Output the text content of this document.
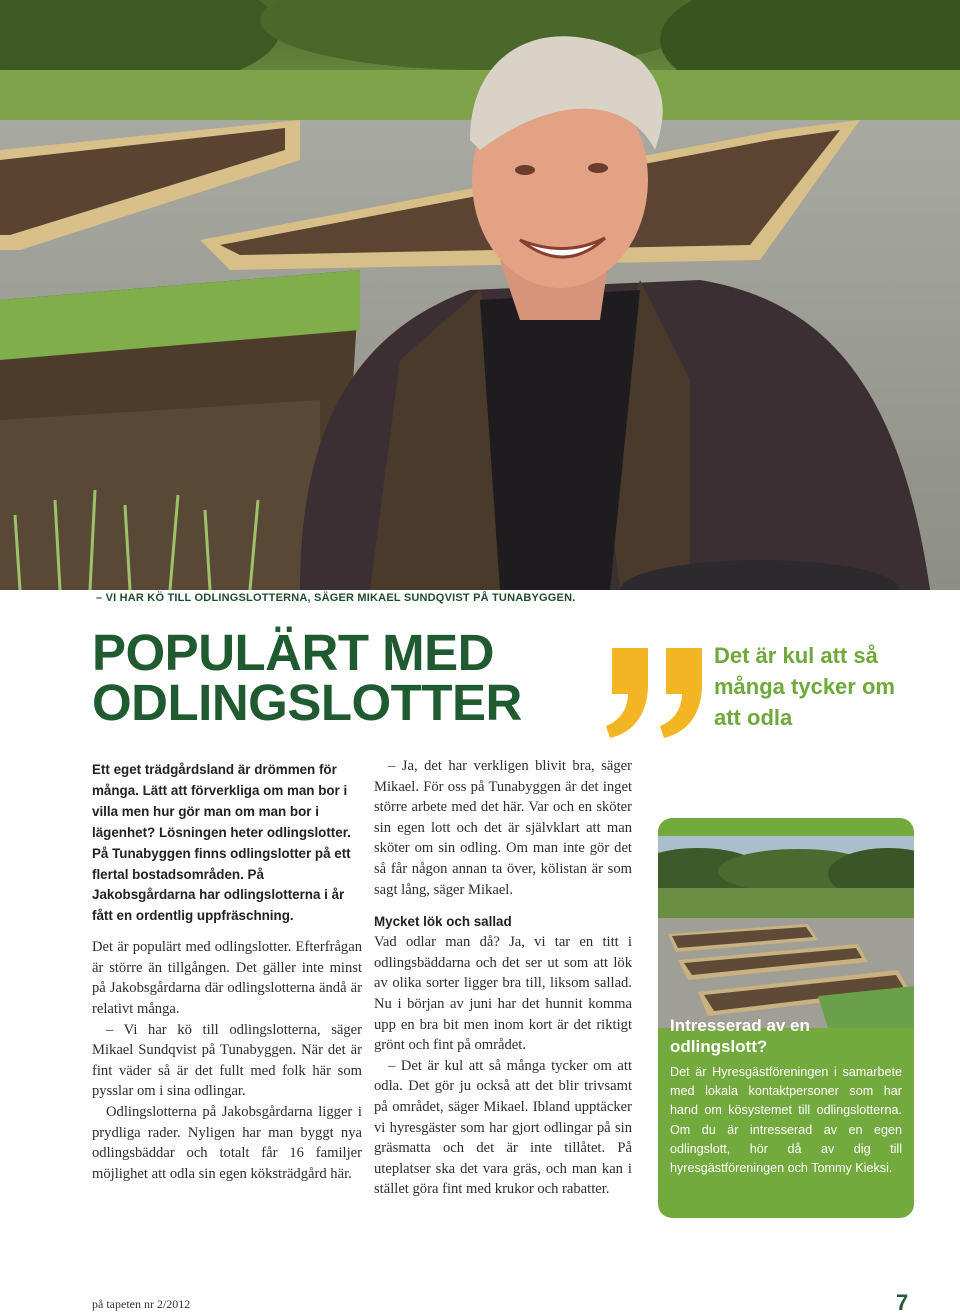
– VI HAR KÖ TILL ODLINGSLOTTERNA, SÄGER MIKAEL SUNDQVIST PÅ TUNABYGGEN.
POPULÄRT MED
ODLINGSLOTTER

Ett eget trädgårdsland är drömmen för många. Lätt att förverkliga om man bor i villa men hur gör man om man bor i lägenhet? Lösningen heter odlingslotter. På Tunabyggen finns odlingslotter på ett flertal bostadsområden. På Jakobsgårdarna har odlingslotterna i år fått en ordentlig uppfräschning.

Det är populärt med odlingslotter. Efterfrågan är större än tillgången. Det gäller inte minst på Jakobsgårdarna där odlingslotterna ändå är relativt många.

– Vi har kö till odlingslotterna, säger Mikael Sundqvist på Tunabyggen. När det är fint väder så är det fullt med folk här som pysslar om i sina odlingar.

Odlingslotterna på Jakobsgårdarna ligger i prydliga rader. Nyligen har man byggt nya odlingsbäddar och totalt får 16 familjer möjlighet att odla sin egen köksträdgård här.

– Ja, det har verkligen blivit bra, säger Mikael. För oss på Tunabyggen är det inget större arbete med det här. Var och en sköter sin egen lott och det är självklart att man sköter om sin odling. Om man inte gör det så får någon annan ta över, kölistan är som sagt lång, säger Mikael.

Mycket lök och sallad

Vad odlar man då? Ja, vi tar en titt i odlingsbäddarna och det ser ut som att lök av olika sorter ligger bra till, liksom sallad. Nu i början av juni har det hunnit komma upp en bra bit men inom kort är det riktigt grönt och fint på området.

– Det är kul att så många tycker om att odla. Det gör ju också att det blir trivsamt på området, säger Mikael. Ibland upptäcker vi hyresgäster som har gjort odlingar på sin gräsmatta och det är inte tillåtet. På uteplatser ska det vara gräs, och man kan i stället göra fint med krukor och rabatter.

Det är kul att så många tycker om att odla
Intresserad av en odlingslott?
Det är Hyresgästföreningen i samarbete med lokala kontaktpersoner som har hand om kösystemet till odlingslotterna. Om du är intresserad av en egen odlingslott, hör då av dig till hyresgästföreningen och Tommy Kieksi.
på tapeten nr 2/2012	7
